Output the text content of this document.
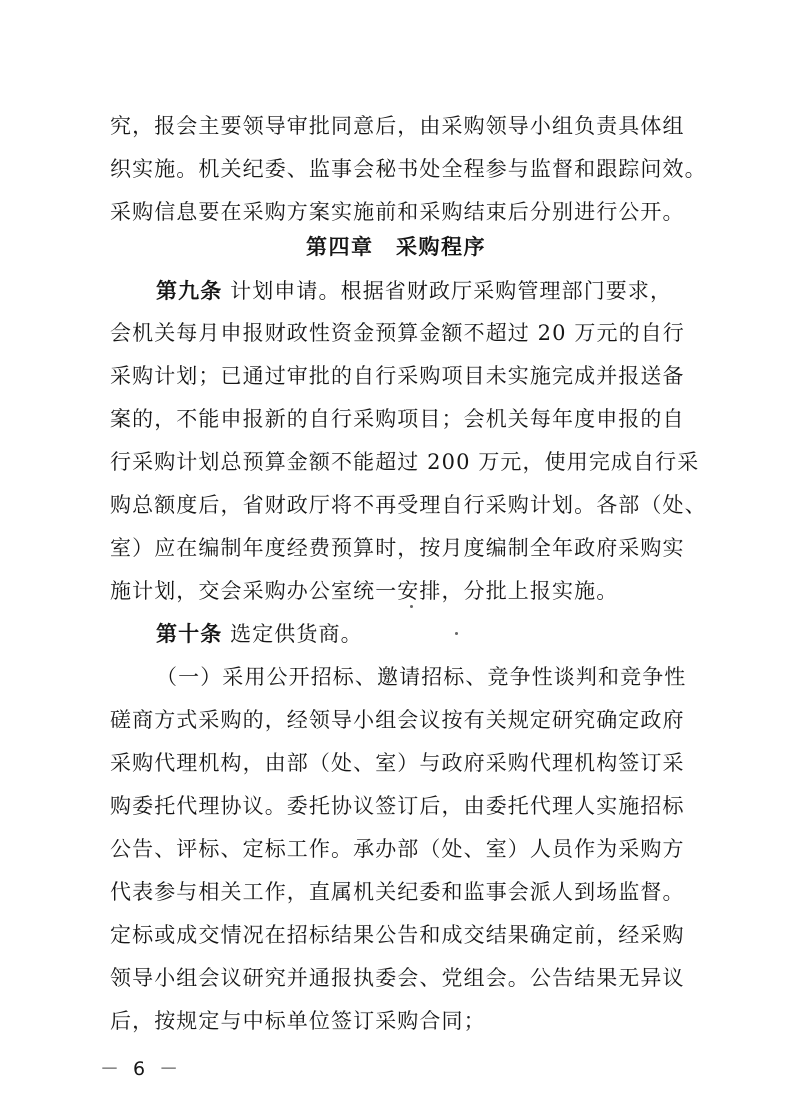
究，报会主要领导审批同意后，由采购领导小组负责具体组
织实施。机关纪委、监事会秘书处全程参与监督和跟踪问效。
采购信息要在采购方案实施前和采购结束后分别进行公开。
第四章　采购程序
第九条 计划申请。根据省财政厅采购管理部门要求，
会机关每月申报财政性资金预算金额不超过 20 万元的自行
采购计划；已通过审批的自行采购项目未实施完成并报送备
案的，不能申报新的自行采购项目；会机关每年度申报的自
行采购计划总预算金额不能超过 200 万元，使用完成自行采
购总额度后，省财政厅将不再受理自行采购计划。各部（处、
室）应在编制年度经费预算时，按月度编制全年政府采购实
施计划，交会采购办公室统一安排，分批上报实施。
第十条 选定供货商。
（一）采用公开招标、邀请招标、竞争性谈判和竞争性
磋商方式采购的，经领导小组会议按有关规定研究确定政府
采购代理机构，由部（处、室）与政府采购代理机构签订采
购委托代理协议。委托协议签订后，由委托代理人实施招标
公告、评标、定标工作。承办部（处、室）人员作为采购方
代表参与相关工作，直属机关纪委和监事会派人到场监督。
定标或成交情况在招标结果公告和成交结果确定前，经采购
领导小组会议研究并通报执委会、党组会。公告结果无异议
后，按规定与中标单位签订采购合同；
－ 6 －
